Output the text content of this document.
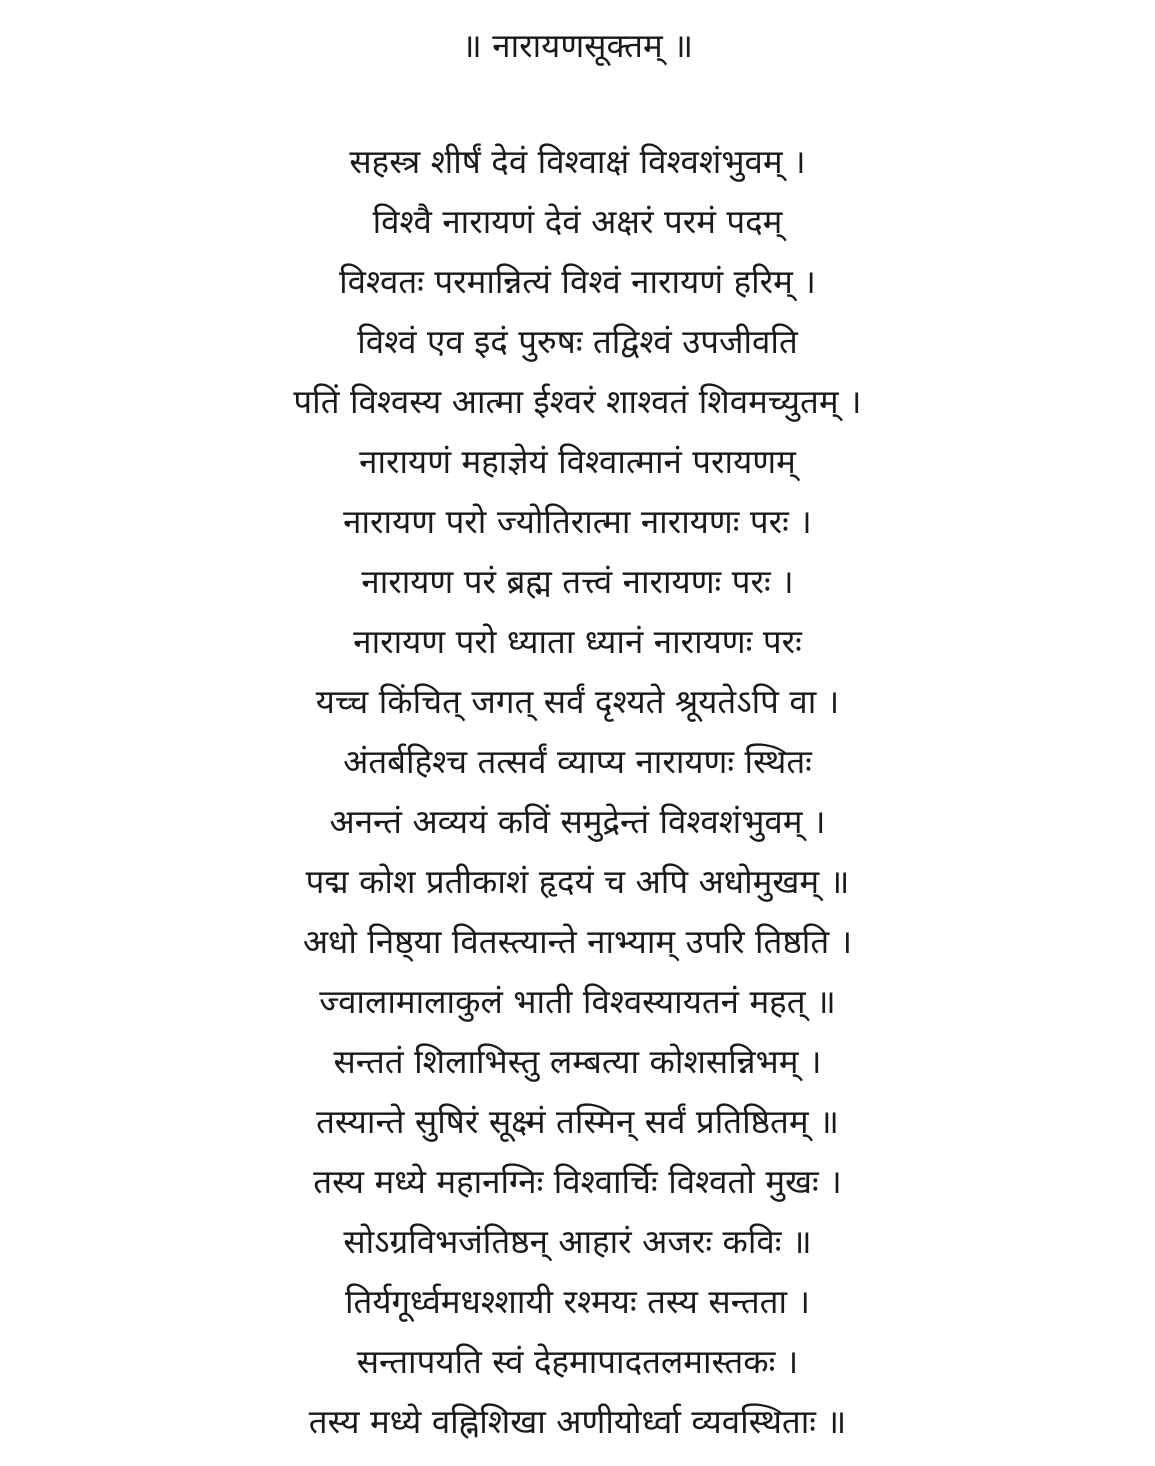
॥ नारायणसूक्तम् ॥
सहस्त्र शीर्षं देवं विश्वाक्षं विश्वशंभुवम् ।
विश्वै नारायणं देवं अक्षरं परमं पदम्
विश्वतः परमान्नित्यं विश्वं नारायणं हरिम् ।
विश्वं एव इदं पुरुषः तद्विश्वं उपजीवति
पतिं विश्वस्य आत्मा ईश्वरं शाश्वतं शिवमच्युतम् ।
नारायणं महाज्ञेयं विश्वात्मानं परायणम्
नारायण परो ज्योतिरात्मा नारायणः परः ।
नारायण परं ब्रह्म तत्त्वं नारायणः परः ।
नारायण परो ध्याता ध्यानं नारायणः परः
यच्च किंचित् जगत् सर्वं दृश्यते श्रूयतेऽपि वा ।
अंतर्बहिश्च तत्सर्वं व्याप्य नारायणः स्थितः
अनन्तं अव्ययं कविं समुद्रेन्तं विश्वशंभुवम् ।
पद्म कोश प्रतीकाशं हृदयं च अपि अधोमुखम् ॥
अधो निष्ठ्या वितस्त्यान्ते नाभ्याम् उपरि तिष्ठति ।
ज्वालामालाकुलं भाती विश्वस्यायतनं महत् ॥
सन्ततं शिलाभिस्तु लम्बत्या कोशसन्निभम् ।
तस्यान्ते सुषिरं सूक्ष्मं तस्मिन् सर्वं प्रतिष्ठितम् ॥
तस्य मध्ये महानग्निः विश्वार्चिः विश्वतो मुखः ।
सोऽग्रविभजंतिष्ठन् आहारं अजरः कविः ॥
तिर्यगूर्ध्वमधश्शायी रश्मयः तस्य सन्तता ।
सन्तापयति स्वं देहमापादतलमास्तकः ।
तस्य मध्ये वह्निशिखा अणीयोर्ध्वा व्यवस्थिताः ॥
